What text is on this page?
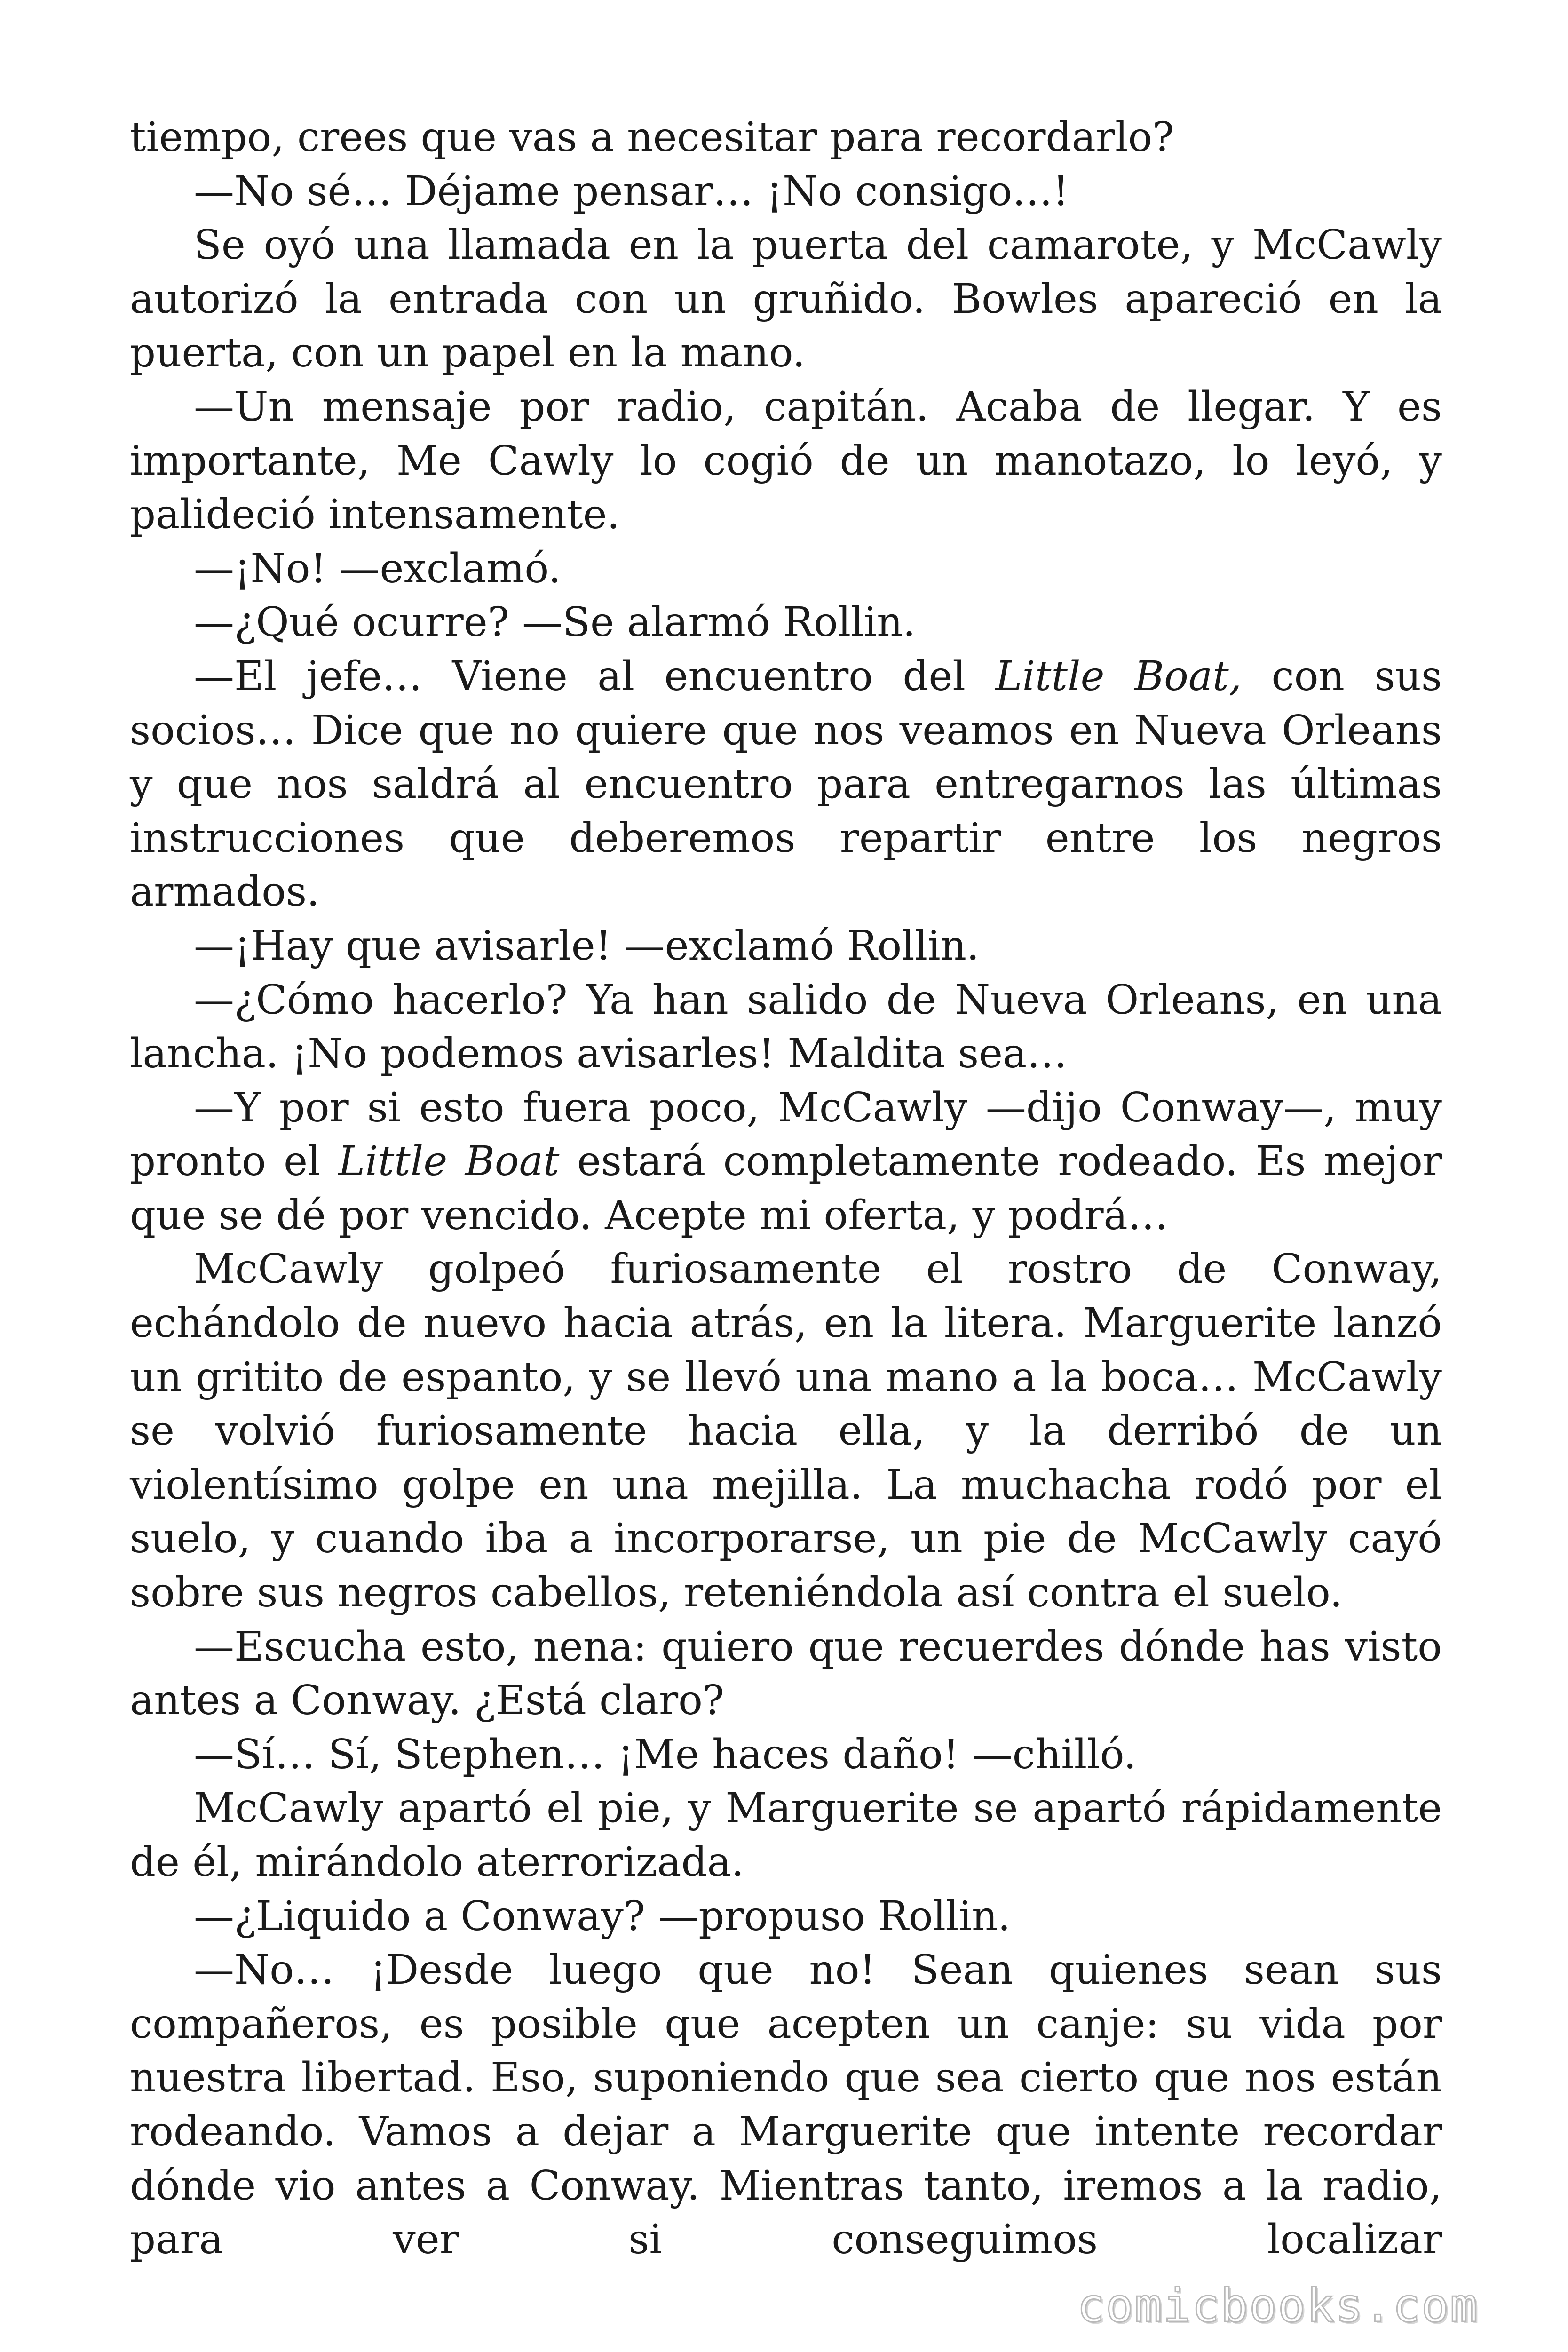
tiempo, crees que vas a necesitar para recordarlo?

—No sé… Déjame pensar… ¡No consigo…!

Se oyó una llamada en la puerta del camarote, y McCawly autorizó la entrada con un gruñido. Bowles apareció en la puerta, con un papel en la mano.

—Un mensaje por radio, capitán. Acaba de llegar. Y es importante, Me Cawly lo cogió de un manotazo, lo leyó, y palideció intensamente.

—¡No! —exclamó.

—¿Qué ocurre? —Se alarmó Rollin.

—El jefe… Viene al encuentro del Little Boat, con sus socios… Dice que no quiere que nos veamos en Nueva Orleans y que nos saldrá al encuentro para entregarnos las últimas instrucciones que deberemos repartir entre los negros armados.

—¡Hay que avisarle! —exclamó Rollin.

—¿Cómo hacerlo? Ya han salido de Nueva Orleans, en una lancha. ¡No podemos avisarles! Maldita sea…

—Y por si esto fuera poco, McCawly —dijo Conway—, muy pronto el Little Boat estará completamente rodeado. Es mejor que se dé por vencido. Acepte mi oferta, y podrá…

McCawly golpeó furiosamente el rostro de Conway, echándolo de nuevo hacia atrás, en la litera. Marguerite lanzó un gritito de espanto, y se llevó una mano a la boca… McCawly se volvió furiosamente hacia ella, y la derribó de un violentísimo golpe en una mejilla. La muchacha rodó por el suelo, y cuando iba a incorporarse, un pie de McCawly cayó sobre sus negros cabellos, reteniéndola así contra el suelo.

—Escucha esto, nena: quiero que recuerdes dónde has visto antes a Conway. ¿Está claro?

—Sí… Sí, Stephen… ¡Me haces daño! —chilló.

McCawly apartó el pie, y Marguerite se apartó rápidamente de él, mirándolo aterrorizada.

—¿Liquido a Conway? —propuso Rollin.

—No… ¡Desde luego que no! Sean quienes sean sus compañeros, es posible que acepten un canje: su vida por nuestra libertad. Eso, suponiendo que sea cierto que nos están rodeando. Vamos a dejar a Marguerite que intente recordar dónde vio antes a Conway. Mientras tanto, iremos a la radio, para ver si conseguimos localizar

comicbooks.com
